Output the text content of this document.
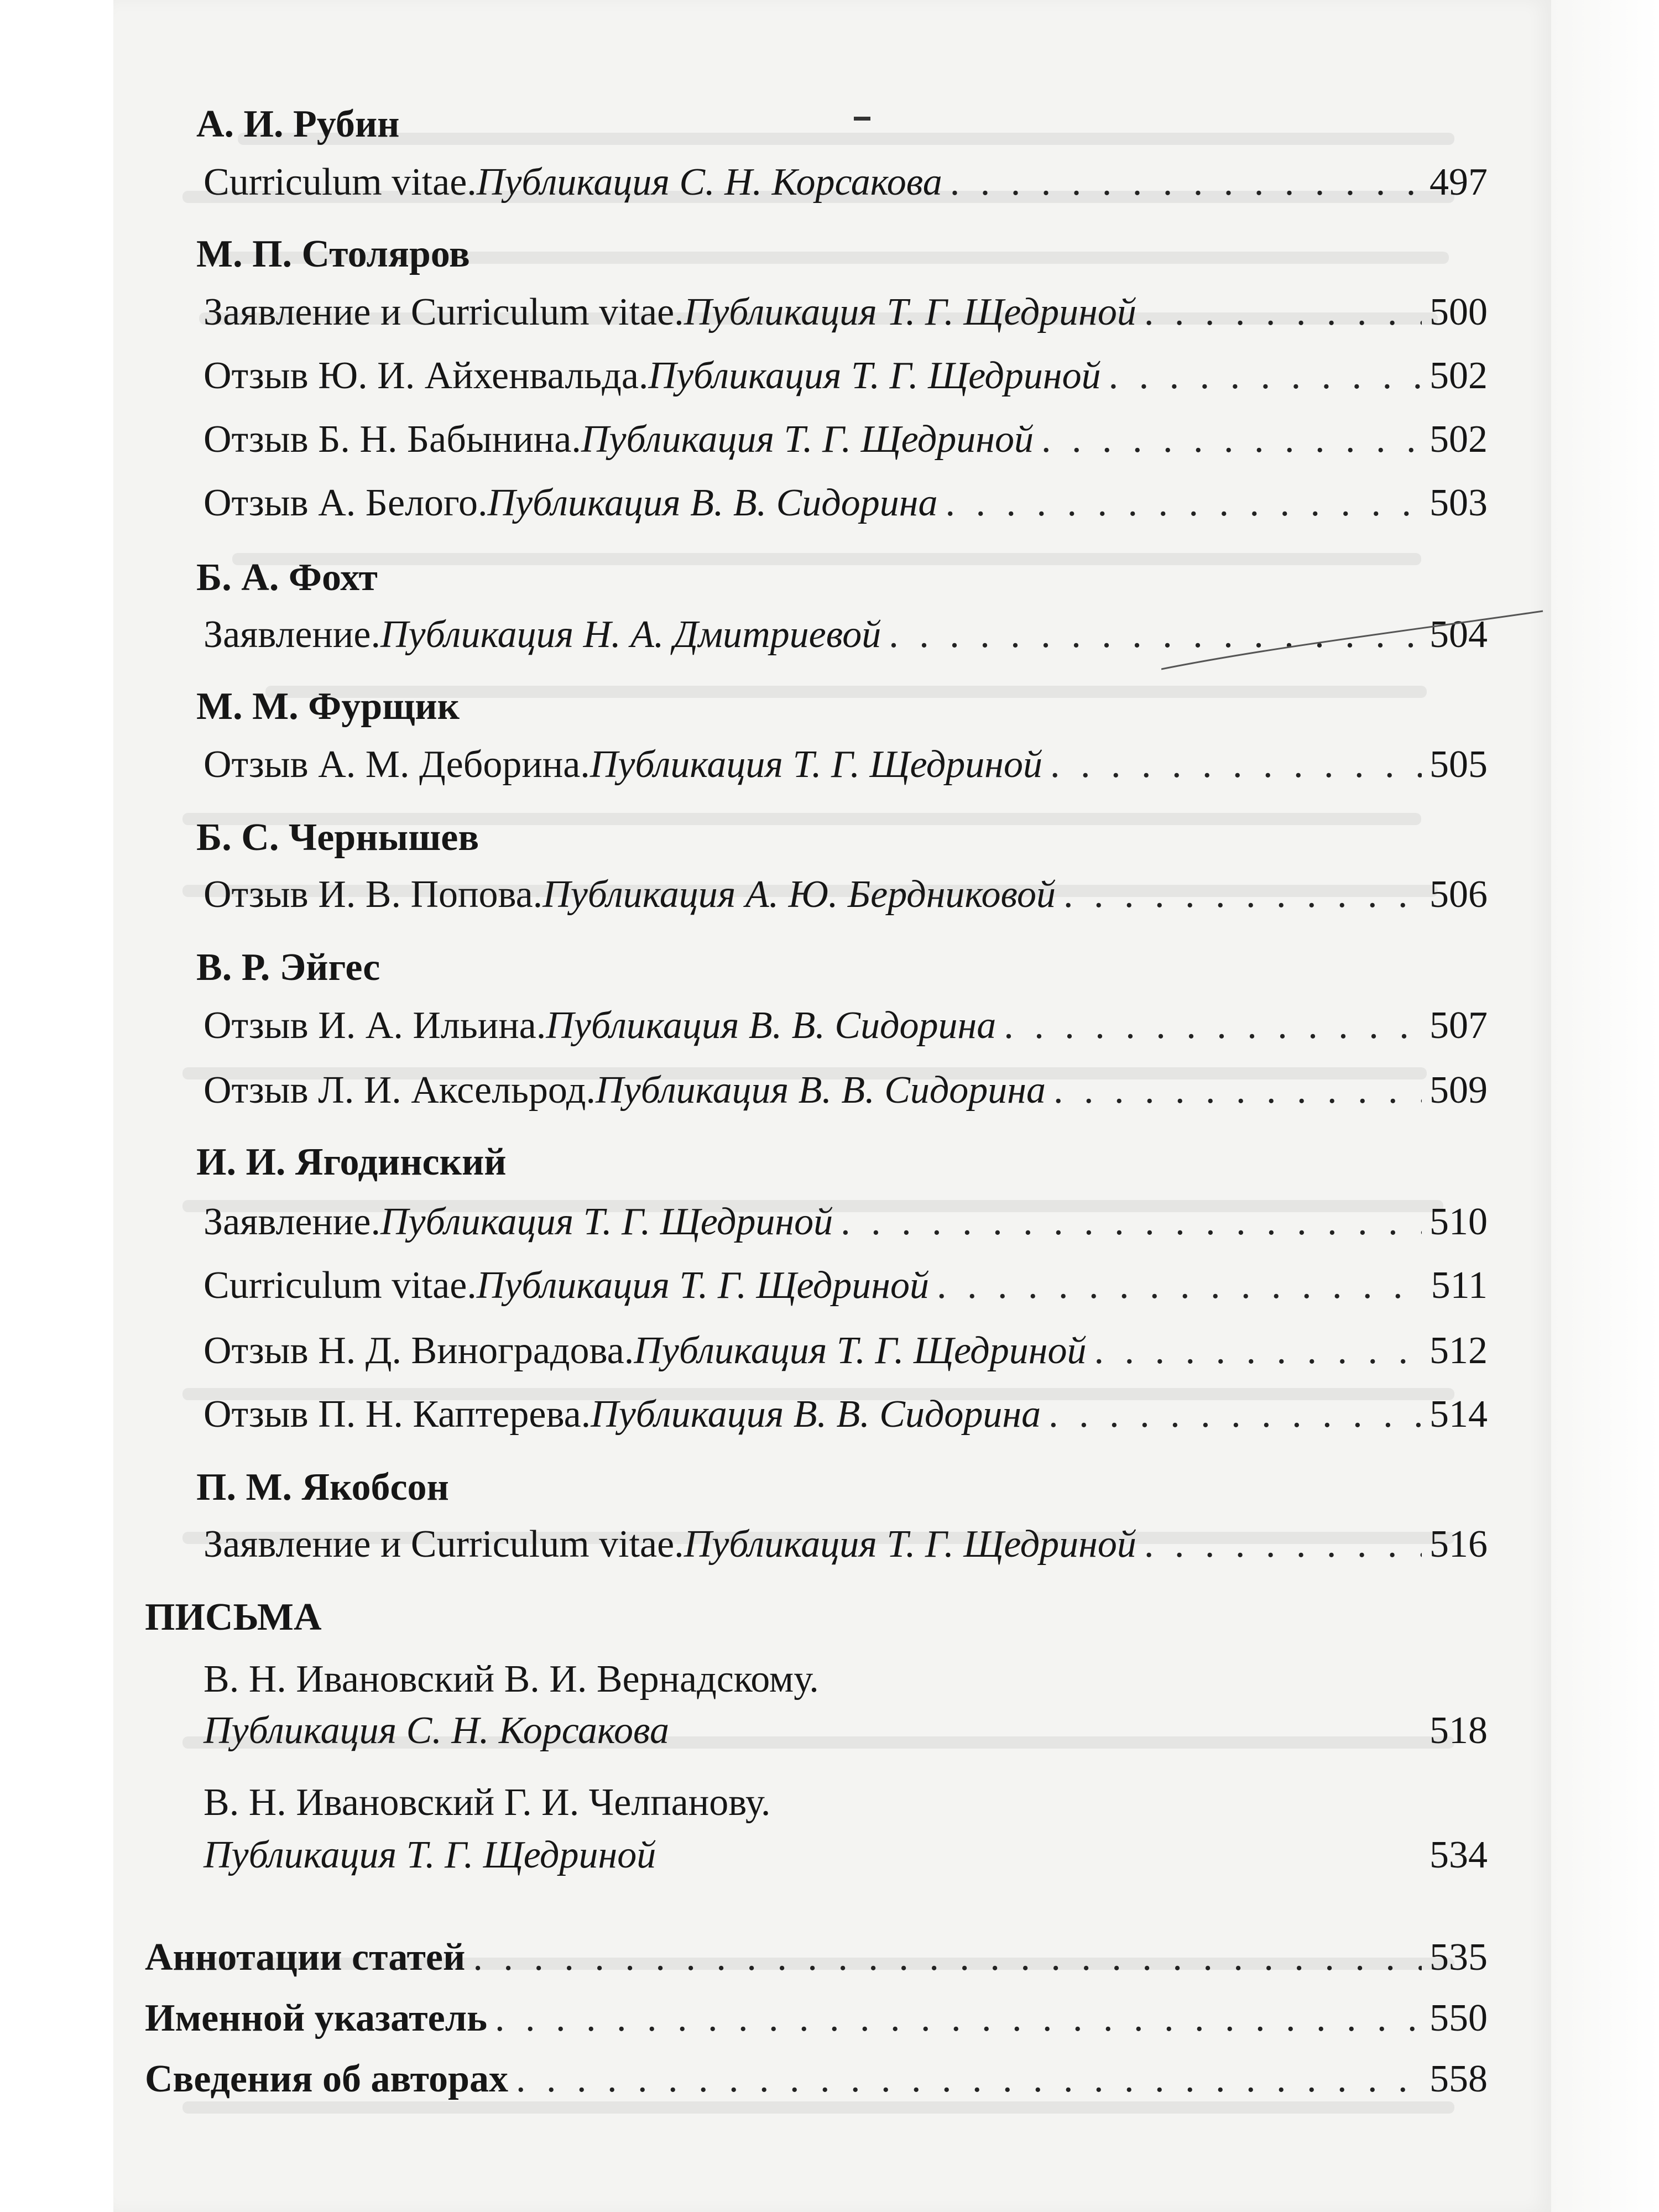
А. И. Рубин
Curriculum vitae. Публикация С. Н. Корсакова . . .	497
М. П. Столяров
Заявление и Curriculum vitae. Публикация Т. Г. Щедриной . . .	500
Отзыв Ю. И. Айхенвальда. Публикация Т. Г. Щедриной . . .	502
Отзыв Б. Н. Бабынина. Публикация Т. Г. Щедриной . . .	502
Отзыв А. Белого. Публикация В. В. Сидорина . . .	503
Б. А. Фохт
Заявление. Публикация Н. А. Дмитриевой . . .	504
М. М. Фурщик
Отзыв А. М. Деборина. Публикация Т. Г. Щедриной . . .	505
Б. С. Чернышев
Отзыв И. В. Попова. Публикация А. Ю. Бердниковой . . .	506
В. Р. Эйгес
Отзыв И. А. Ильина. Публикация В. В. Сидорина . . .	507
Отзыв Л. И. Аксельрод. Публикация В. В. Сидорина . . .	509
И. И. Ягодинский
Заявление. Публикация Т. Г. Щедриной . . .	510
Curriculum vitae. Публикация Т. Г. Щедриной . . .	511
Отзыв Н. Д. Виноградова. Публикация Т. Г. Щедриной . . .	512
Отзыв П. Н. Каптерева. Публикация В. В. Сидорина . . .	514
П. М. Якобсон
Заявление и Curriculum vitae. Публикация Т. Г. Щедриной . . .	516
ПИСЬМА
В. Н. Ивановский В. И. Вернадскому.
Публикация С. Н. Корсакова	518
В. Н. Ивановский Г. И. Челпанову.
Публикация Т. Г. Щедриной	534
Аннотации статей . . .	535
Именной указатель . . .	550
Сведения об авторах . . .	558
